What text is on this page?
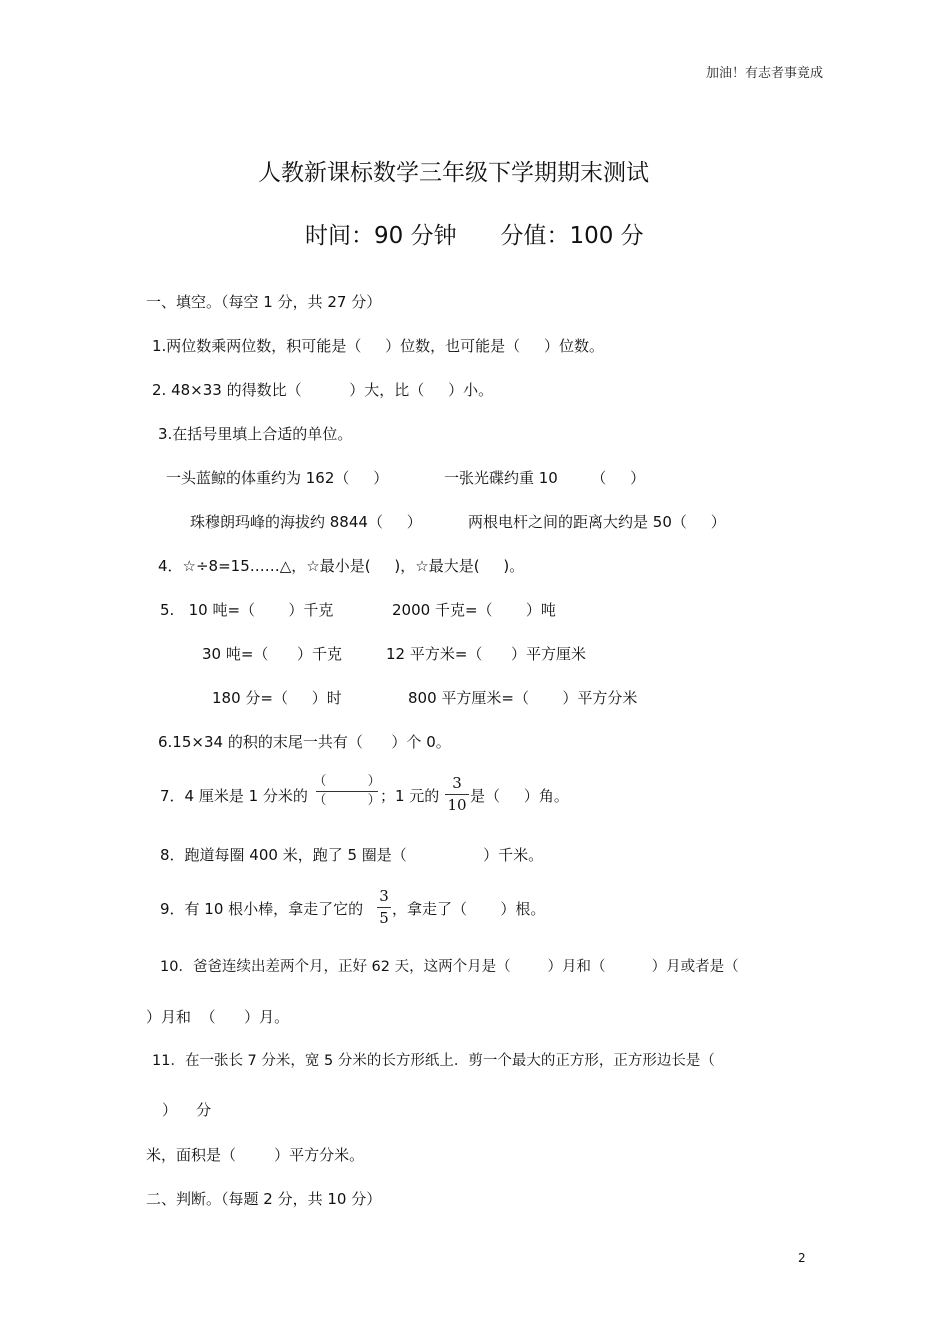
加油！有志者事竟成
人教新课标数学三年级下学期期末测试
时间：90 分钟      分值：100 分
一、填空。（每空 1 分，共 27 分）
1.两位数乘两位数，积可能是（     ）位数，也可能是（     ）位数。
2. 48×33 的得数比（          ）大，比（     ）小。
3.在括号里填上合适的单位。
一头蓝鲸的体重约为 162（     ）	一张光碟约重 10       （     ）
珠穆朗玛峰的海拔约 8844（     ）	两根电杆之间的距离大约是 50（     ）
4．☆÷8=15……△，☆最小是(     )，☆最大是(     )。
5.   10 吨=（       ）千克	2000 千克=（       ）吨
30 吨=（      ）千克	12 平方米=（      ）平方厘米
180 分=（     ）时	800 平方厘米=（       ）平方分米
6.15×34 的积的末尾一共有（      ）个 0。
7．4 厘米是 1 分米的
（          ）
（          ） ；1 元的
3
10 是（     ）角。
8．跑道每圈 400 米，跑了 5 圈是（                ）千米。
9．有 10 根小棒，拿走了它的
3
5 ，拿走了（       ）根。
10．爸爸连续出差两个月，正好 62 天，这两个月是（        ）月和（          ）月或者是（
）月和  （      ）月。
11．在一张长 7 分米，宽 5 分米的长方形纸上．剪一个最大的正方形，正方形边长是（
）    分
米，面积是（        ）平方分米。
二、判断。（每题 2 分，共 10 分）
2
